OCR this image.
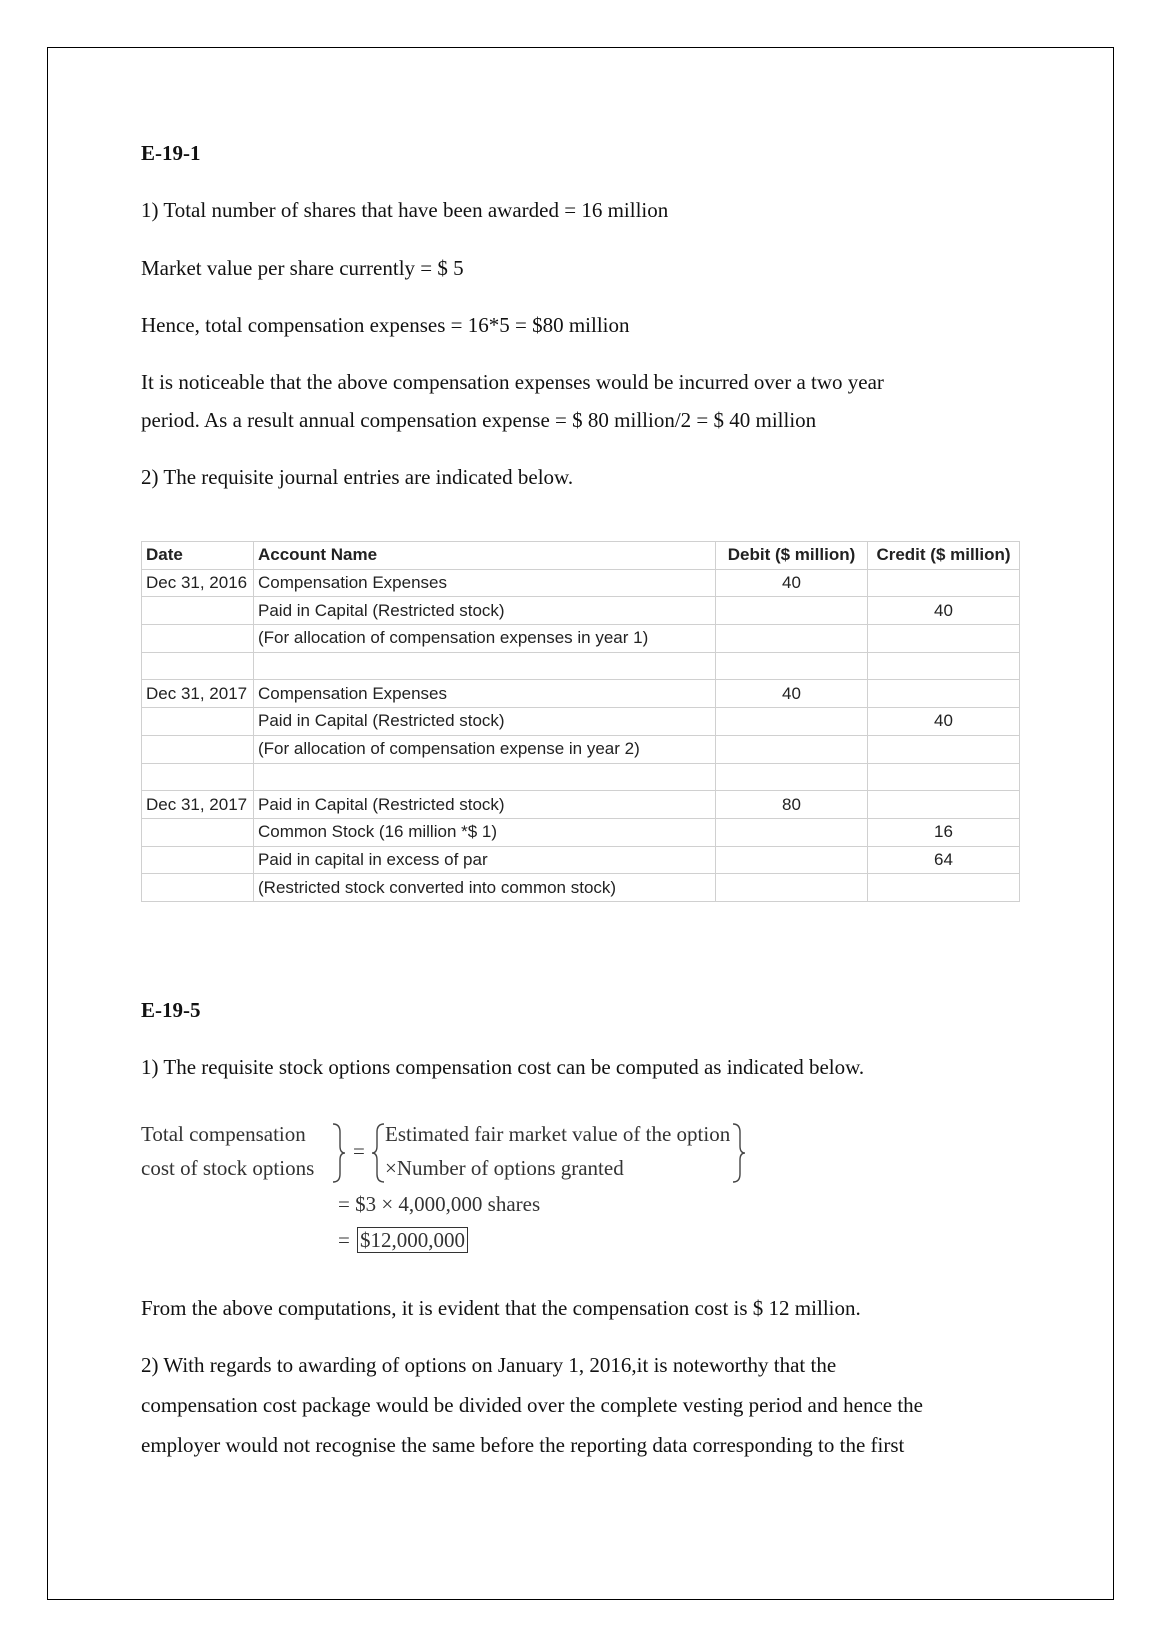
E-19-1
1) Total number of shares that have been awarded = 16 million
Market value per share currently = $ 5
Hence, total compensation expenses = 16*5 = $80 million
It is noticeable that the above compensation expenses would be incurred over a two year
period. As a result annual compensation expense = $ 80 million/2 = $ 40 million
2) The requisite journal entries are indicated below.
Date	Account Name	Debit ($ million)	Credit ($ million)
Dec 31, 2016	Compensation Expenses	40	
	Paid in Capital (Restricted stock)		40
	(For allocation of compensation expenses in year 1)		

Dec 31, 2017	Compensation Expenses	40	
	Paid in Capital (Restricted stock)		40
	(For allocation of compensation expense in year 2)		

Dec 31, 2017	Paid in Capital (Restricted stock)	80	
	Common Stock (16 million *$ 1)		16
	Paid in capital in excess of par		64
	(Restricted stock converted into common stock)		
E-19-5
1) The requisite stock options compensation cost can be computed as indicated below.
Total compensation
cost of stock options
=
Estimated fair market value of the option
×Number of options granted
= $3 × 4,000,000 shares
= $12,000,000
From the above computations, it is evident that the compensation cost is $ 12 million.
2) With regards to awarding of options on January 1, 2016,it is noteworthy that the
compensation cost package would be divided over the complete vesting period and hence the
employer would not recognise the same before the reporting data corresponding to the first
